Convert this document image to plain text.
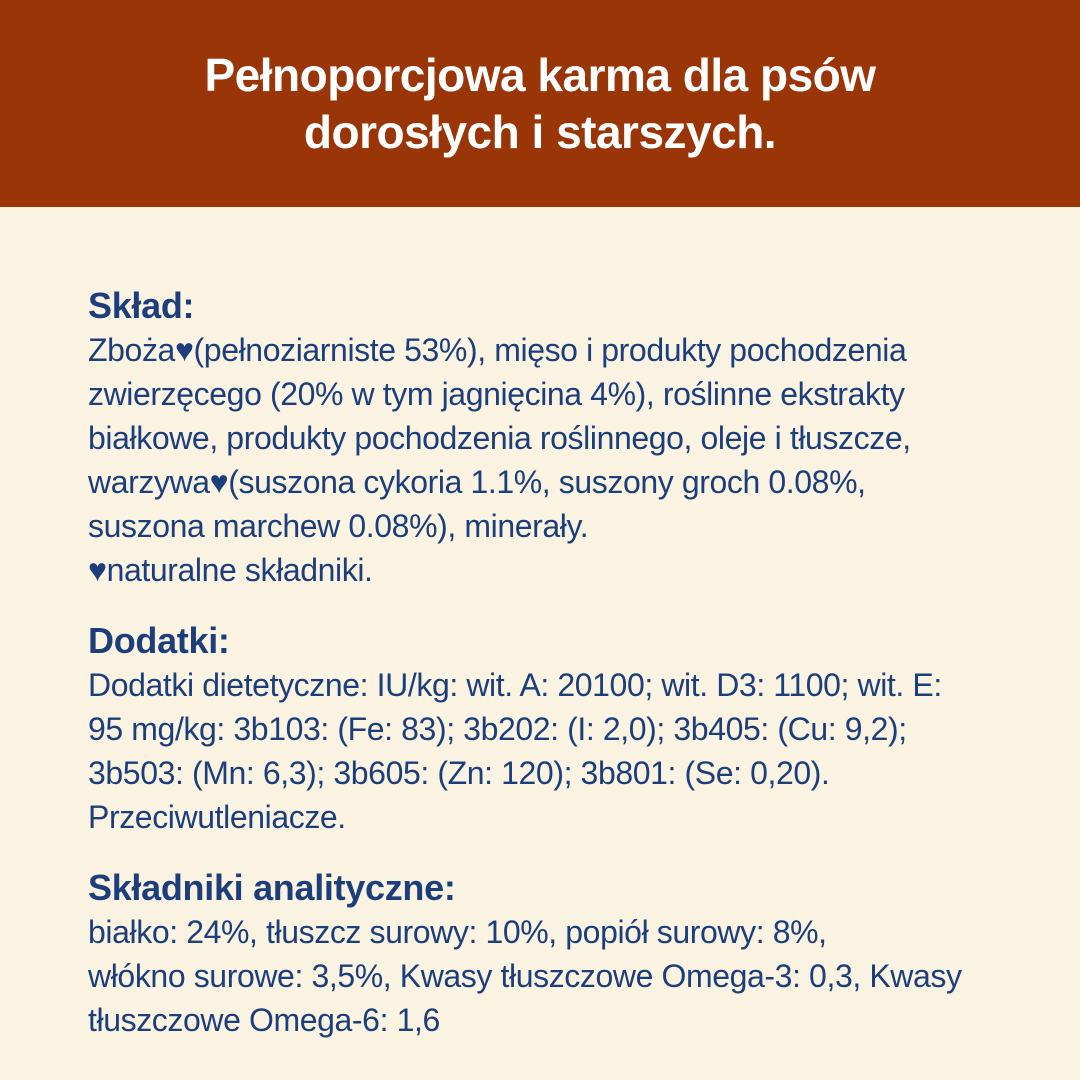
Pełnoporcjowa karma dla psów
dorosłych i starszych.
Skład:
Zboża♥(pełnoziarniste 53%), mięso i produkty pochodzenia
zwierzęcego (20% w tym jagnięcina 4%), roślinne ekstrakty
białkowe, produkty pochodzenia roślinnego, oleje i tłuszcze,
warzywa♥(suszona cykoria 1.1%, suszony groch 0.08%,
suszona marchew 0.08%), minerały.
♥naturalne składniki.
Dodatki:
Dodatki dietetyczne: IU/kg: wit. A: 20100; wit. D3: 1100; wit. E:
95 mg/kg: 3b103: (Fe: 83); 3b202: (I: 2,0); 3b405: (Cu: 9,2);
3b503: (Mn: 6,3); 3b605: (Zn: 120); 3b801: (Se: 0,20).
Przeciwutleniacze.
Składniki analityczne:
białko: 24%, tłuszcz surowy: 10%, popiół surowy: 8%,
włókno surowe: 3,5%, Kwasy tłuszczowe Omega-3: 0,3, Kwasy
tłuszczowe Omega-6: 1,6
